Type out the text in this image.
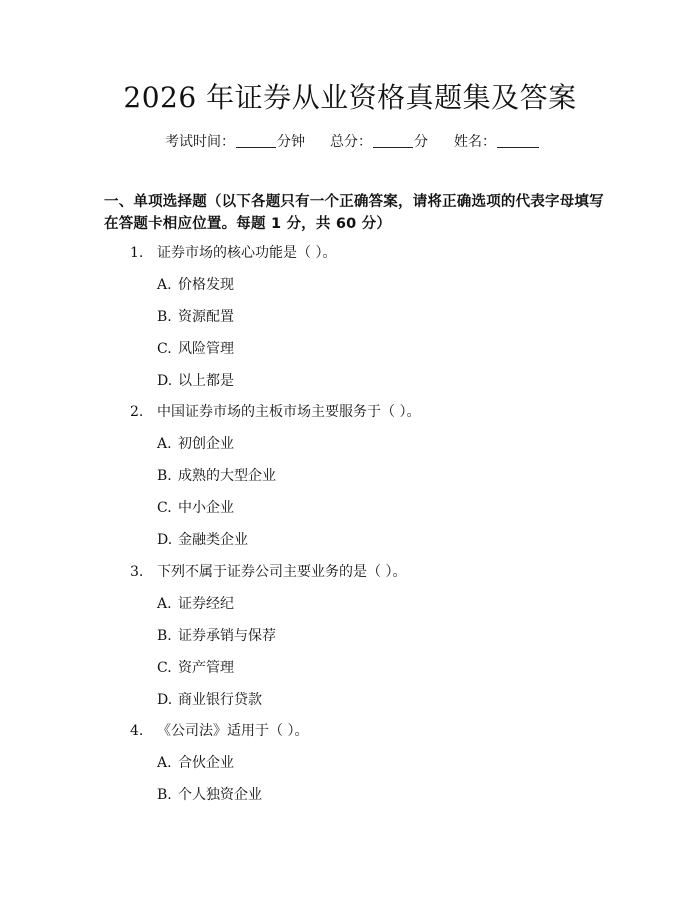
2026 年证券从业资格真题集及答案
考试时间：	分钟 总分：	分 姓名：
一、单项选择题（以下各题只有一个正确答案，请将正确选项的代表字母填写在答题卡相应位置。每题 1 分，共 60 分）
1. 证券市场的核心功能是（ ）。
A. 价格发现
B. 资源配置
C. 风险管理
D. 以上都是
2. 中国证券市场的主板市场主要服务于（ ）。
A. 初创企业
B. 成熟的大型企业
C. 中小企业
D. 金融类企业
3. 下列不属于证券公司主要业务的是（ ）。
A. 证券经纪
B. 证券承销与保荐
C. 资产管理
D. 商业银行贷款
4. 《公司法》适用于（ ）。
A. 合伙企业
B. 个人独资企业
